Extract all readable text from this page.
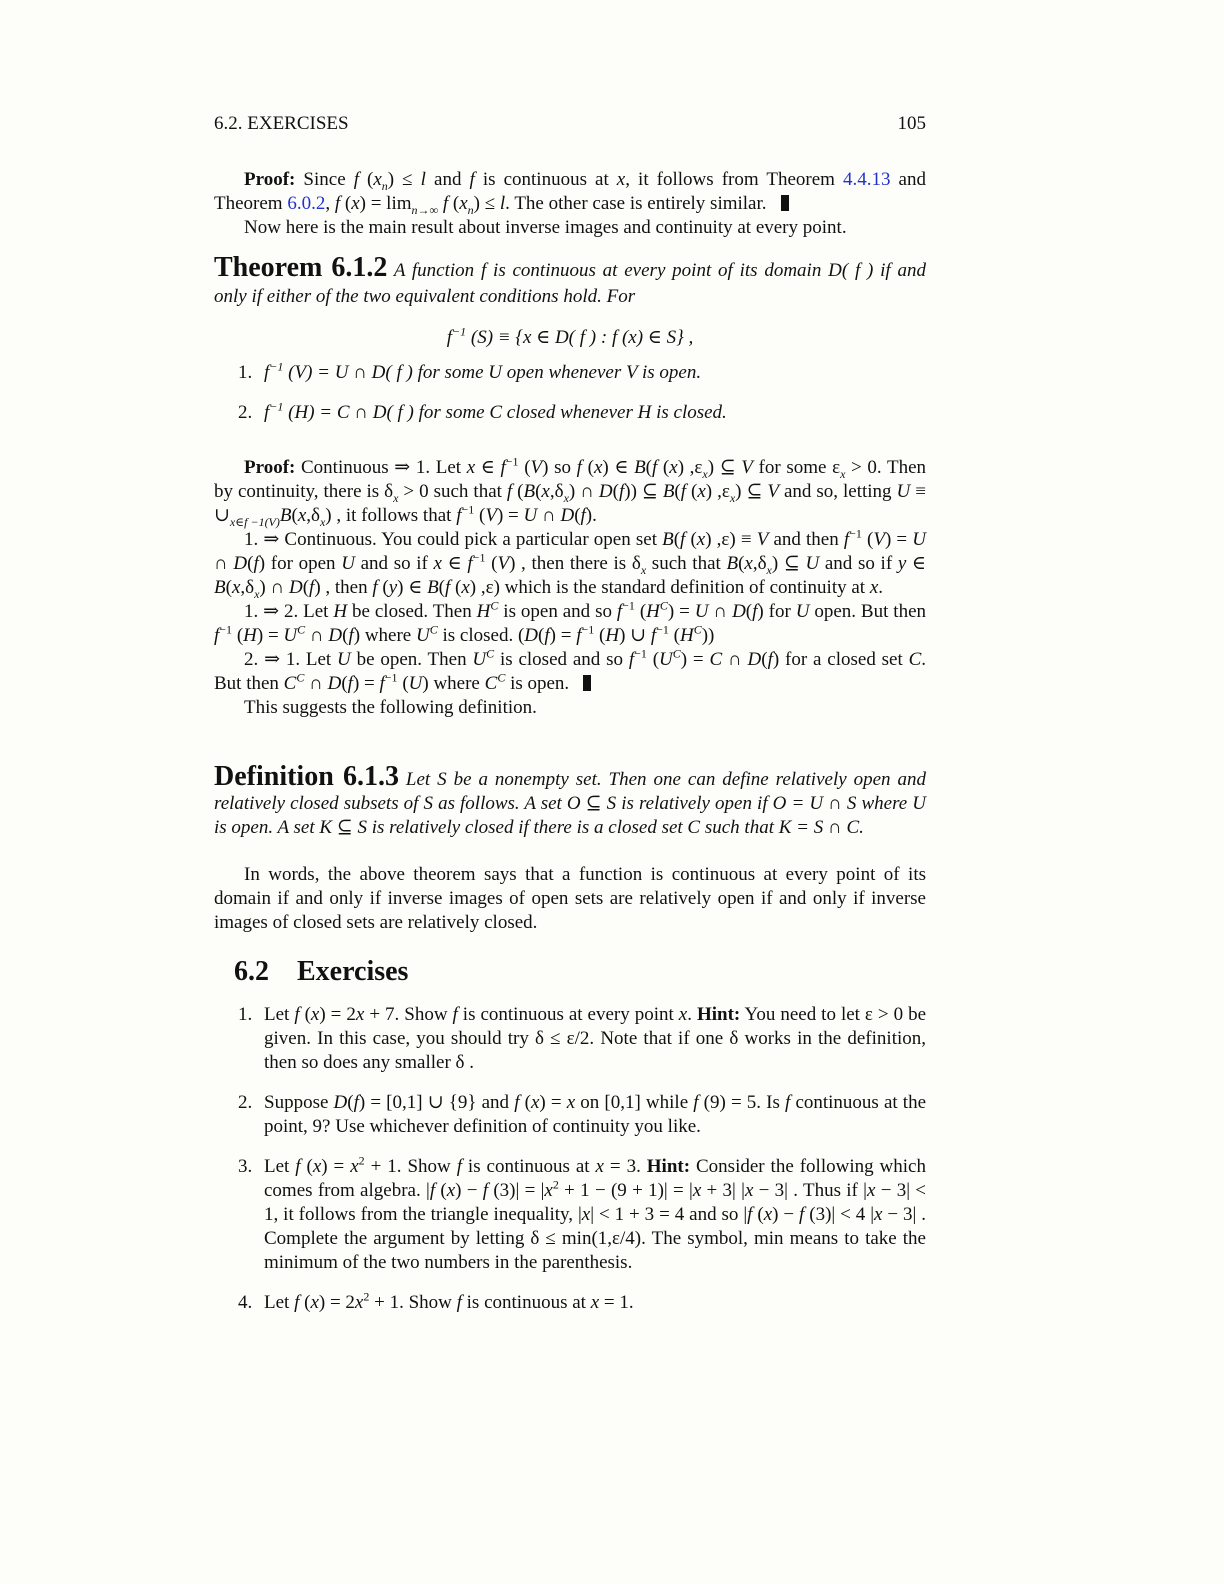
6.2. EXERCISES	105

Proof: Since f $(x_n) \le l$ and f is continuous at x, it follows from Theorem 4.4.13 and Theorem 6.0.2, f $(x) = \lim_{n\to\infty} f$ $(x_n) \le l$. The other case is entirely similar.

Now here is the main result about inverse images and continuity at every point.

Theorem 6.1.2 A function f is continuous at every point of its domain D( f ) if and only if either of the two equivalent conditions hold. For

$f^{-1}$ (S) ≡ {x ∈ D( f ) : f (x) ∈ S} ,
1. $f^{-1}$ (V) = U ∩ D( f ) for some U open whenever V is open.
2. $f^{-1}$ (H) = C ∩ D( f ) for some C closed whenever H is closed.

Proof: Continuous ⇒ 1. Let x ∈ $f^{-1}$ (V) so f (x) ∈ B(f (x) $,\varepsilon_x$) ⊆ V for some $\varepsilon_x > 0$. Then by continuity, there is $\delta_x > 0$ such that f ($B(x,\delta_x)$ ∩ D(f)) ⊆ B(f (x) $,\varepsilon_x$) ⊆ V and so, letting $U \equiv \cup_{x\in f -1(V)}B(x,\delta_x)$ , it follows that $f^{-1}$ (V) = U ∩ D(f).

1. ⇒ Continuous. You could pick a particular open set B(f (x) ,ε) ≡ V and then $f^{-1}$ (V) = U ∩ D(f) for open U and so if x ∈ $f^{-1}$ (V) , then there is $\delta_x$ such that $B(x,\delta_x)$ ⊆ U and so if y ∈ $B(x,\delta_x)$ ∩ D(f) , then f (y) ∈ B(f (x) ,ε) which is the standard definition of continuity at x.

1. ⇒ 2. Let H be closed. Then $H^C$ is open and so $f^{-1}$ $(H^C) = U$ ∩ D(f) for U open. But then $f^{-1}$ $(H) = U^C$ ∩ D(f) where $U^C$ is closed. ($D(f) = f^{-1}$ (H) ∪ $f^{-1}$ $(H^C)$)

2. ⇒ 1. Let U be open. Then $U^C$ is closed and so $f^{-1}$ $(U^C) = C$ ∩ D(f) for a closed set C. But then $C^C$ ∩ $D(f) = f^{-1}$ (U) where $C^C$ is open.

This suggests the following definition.

Definition 6.1.3 Let S be a nonempty set. Then one can define relatively open and relatively closed subsets of S as follows. A set O ⊆ S is relatively open if O = U ∩ S where U is open. A set K ⊆ S is relatively closed if there is a closed set C such that K = S ∩ C.

In words, the above theorem says that a function is continuous at every point of its domain if and only if inverse images of open sets are relatively open if and only if inverse images of closed sets are relatively closed.

6.2 Exercises
1. Let f (x) = 2x + 7. Show f is continuous at every point x. Hint: You need to let ε > 0 be given. In this case, you should try δ ≤ ε/2. Note that if one δ works in the definition, then so does any smaller δ .
2. Suppose D(f) = [0,1] ∪ {9} and f (x) = x on [0,1] while f (9) = 5. Is f continuous at the point, 9? Use whichever definition of continuity you like.
3. Let f $(x) = x^2 + 1$. Show f is continuous at x = 3. Hint: Consider the following which comes from algebra. |f (x) − f $(3)| = |x^2 + 1 - (9 + 1)| = |x + 3|$ |x − 3| . Thus if |x − 3| < 1, it follows from the triangle inequality, |x| < 1 + 3 = 4 and so |f (x) − f (3)| < 4 |x − 3| . Complete the argument by letting δ ≤ min(1,ε/4). The symbol, min means to take the minimum of the two numbers in the parenthesis.
4. Let f $(x) = 2x^2 + 1$. Show f is continuous at x = 1.
